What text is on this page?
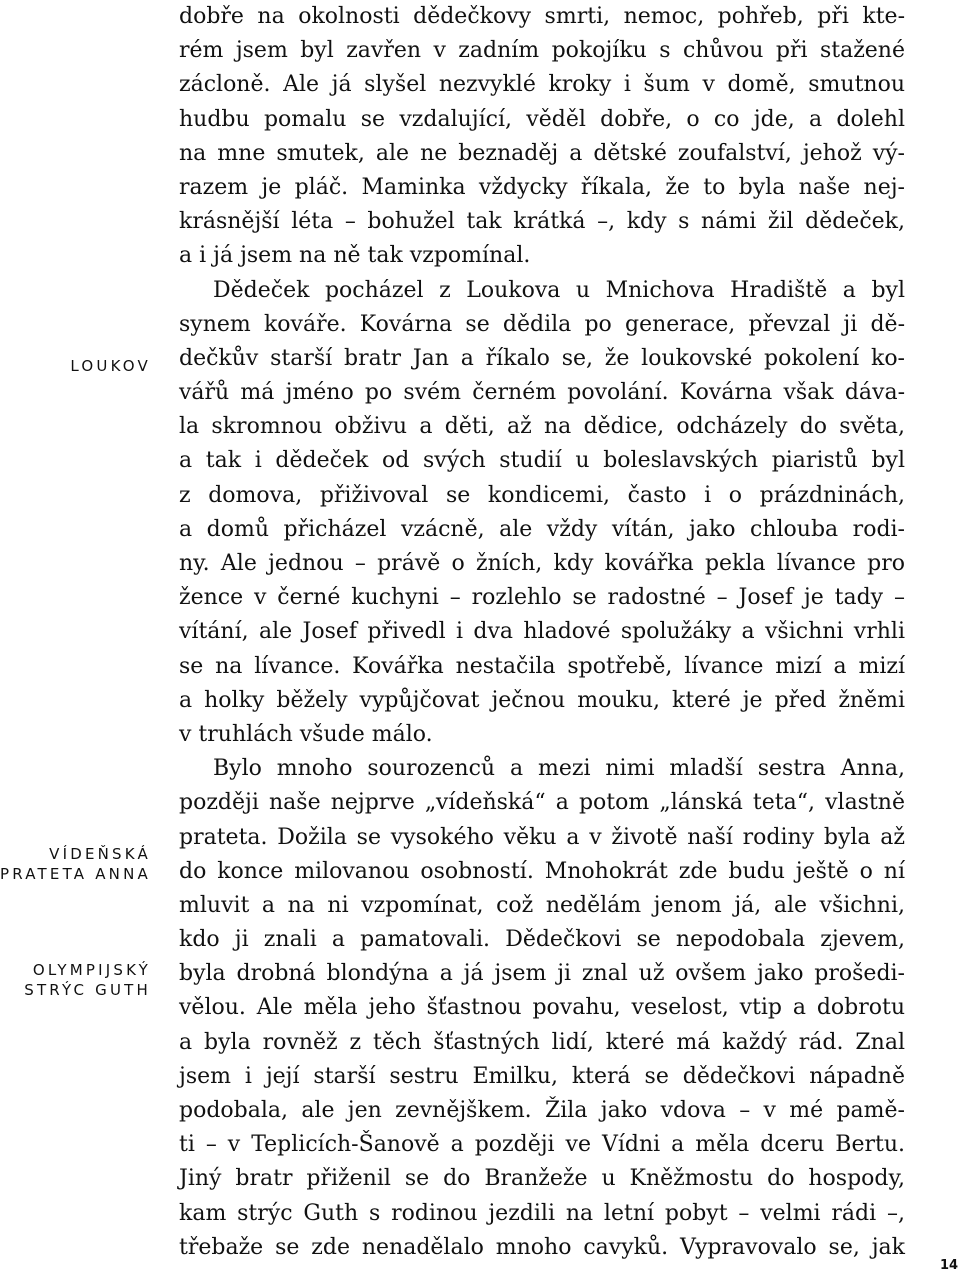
LOUKOV
VÍDEŇSKÁ
PRATETA ANNA
OLYMPIJSKÝ
STRÝC GUTH
dobře na okolnosti dědečkovy smrti, nemoc, pohřeb, při kte-
rém jsem byl zavřen v zadním pokojíku s chůvou při stažené
záclоně. Ale já slyšel nezvyklé kroky i šum v domě, smutnou
hudbu pomalu se vzdalující, věděl dobře, o co jde, a dolehl
na mne smutek, ale ne beznaděj a dětské zoufalství, jehož vý-
razem je pláč. Maminka vždycky říkala, že to byla naše nej-
krásnější léta – bohužel tak krátká –, kdy s námi žil dědeček,
a i já jsem na ně tak vzpomínal.
Dědeček pocházel z Loukova u Mnichova Hradiště a byl
synem kováře. Kovárna se dědila po generace, převzal ji dě-
dečkův starší bratr Jan a říkalo se, že loukovské pokolení ko-
vářů má jméno po svém černém povolání. Kovárna však dáva-
la skromnou obživu a děti, až na dědice, odcházely do světa,
a tak i dědeček od svých studií u boleslavských piaristů byl
z domova, přiživoval se kondicemi, často i o prázdninách,
a domů přicházel vzácně, ale vždy vítán, jako chlouba rodi-
ny. Ale jednou – právě o žních, kdy kovářka pekla lívance pro
žence v černé kuchyni – rozlehlo se radostné – Josef je tady –
vítání, ale Josef přivedl i dva hladové spolužáky a všichni vrhli
se na lívance. Kovářka nestačila spotřebě, lívance mizí a mizí
a holky běžely vypůjčovat ječnou mouku, které je před žněmi
v truhlách všude málo.
Bylo mnoho sourozenců a mezi nimi mladší sestra Anna,
později naše nejprve „vídeňská“ a potom „lánská teta“, vlastně
prateta. Dožila se vysokého věku a v životě naší rodiny byla až
do konce milovanou osobností. Mnohokrát zde budu ještě o ní
mluvit a na ni vzpomínat, což nedělám jenom já, ale všichni,
kdo ji znali a pamatovali. Dědečkovi se nepodobala zjevem,
byla drobná blondýna a já jsem ji znal už ovšem jako prošedi-
vělou. Ale měla jeho šťastnou povahu, veselost, vtip a dobrotu
a byla rovněž z těch šťastných lidí, které má každý rád. Znal
jsem i její starší sestru Emilku, která se dědečkovi nápadně
podobala, ale jen zevnějškem. Žila jako vdova – v mé pamě-
ti – v Teplicích-Šanově a později ve Vídni a měla dceru Bertu.
Jiný bratr přiženil se do Branžeže u Kněžmostu do hospody,
kam strýc Guth s rodinou jezdili na letní pobyt – velmi rádi –,
třebaže se zde nenadělalo mnoho cavyků. Vypravovalo se, jak
14
